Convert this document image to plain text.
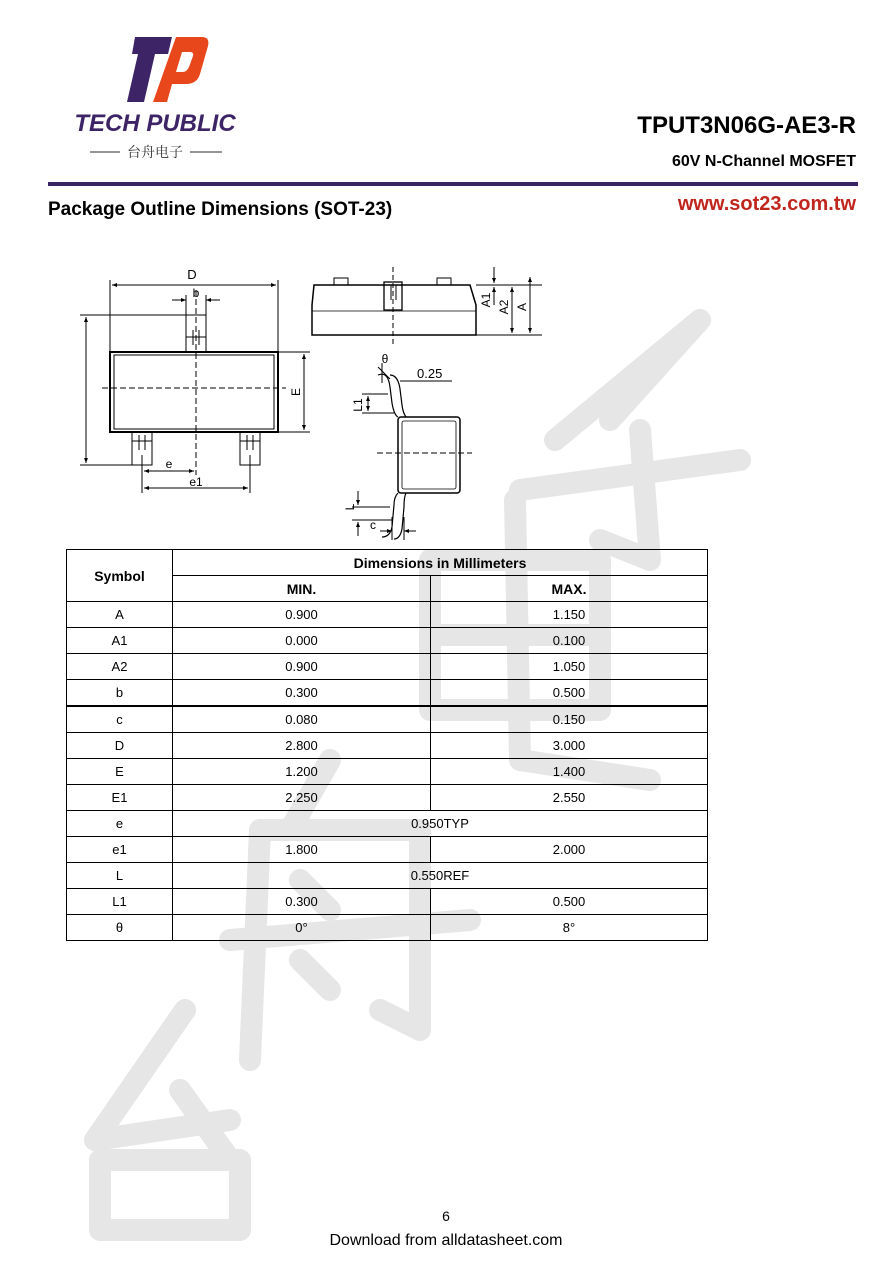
TECH PUBLIC
台舟电子
TPUT3N06G-AE3-R
60V N-Channel MOSFET
Package Outline Dimensions (SOT-23)	www.sot23.com.tw
D
b
E
e
e1
A1 A2 A
θ
0.25
L1
L
c
Symbol	Dimensions in Millimeters	
	MIN.	MAX.
A	0.900	1.150
A1	0.000	0.100
A2	0.900	1.050
b	0.300	0.500
c	0.080	0.150
D	2.800	3.000
E	1.200	1.400
E1	2.250	2.550
e	0.950TYP	
e1	1.800	2.000
L	0.550REF	
L1	0.300	0.500
θ	0°	8°
6
Download from alldatasheet.com
